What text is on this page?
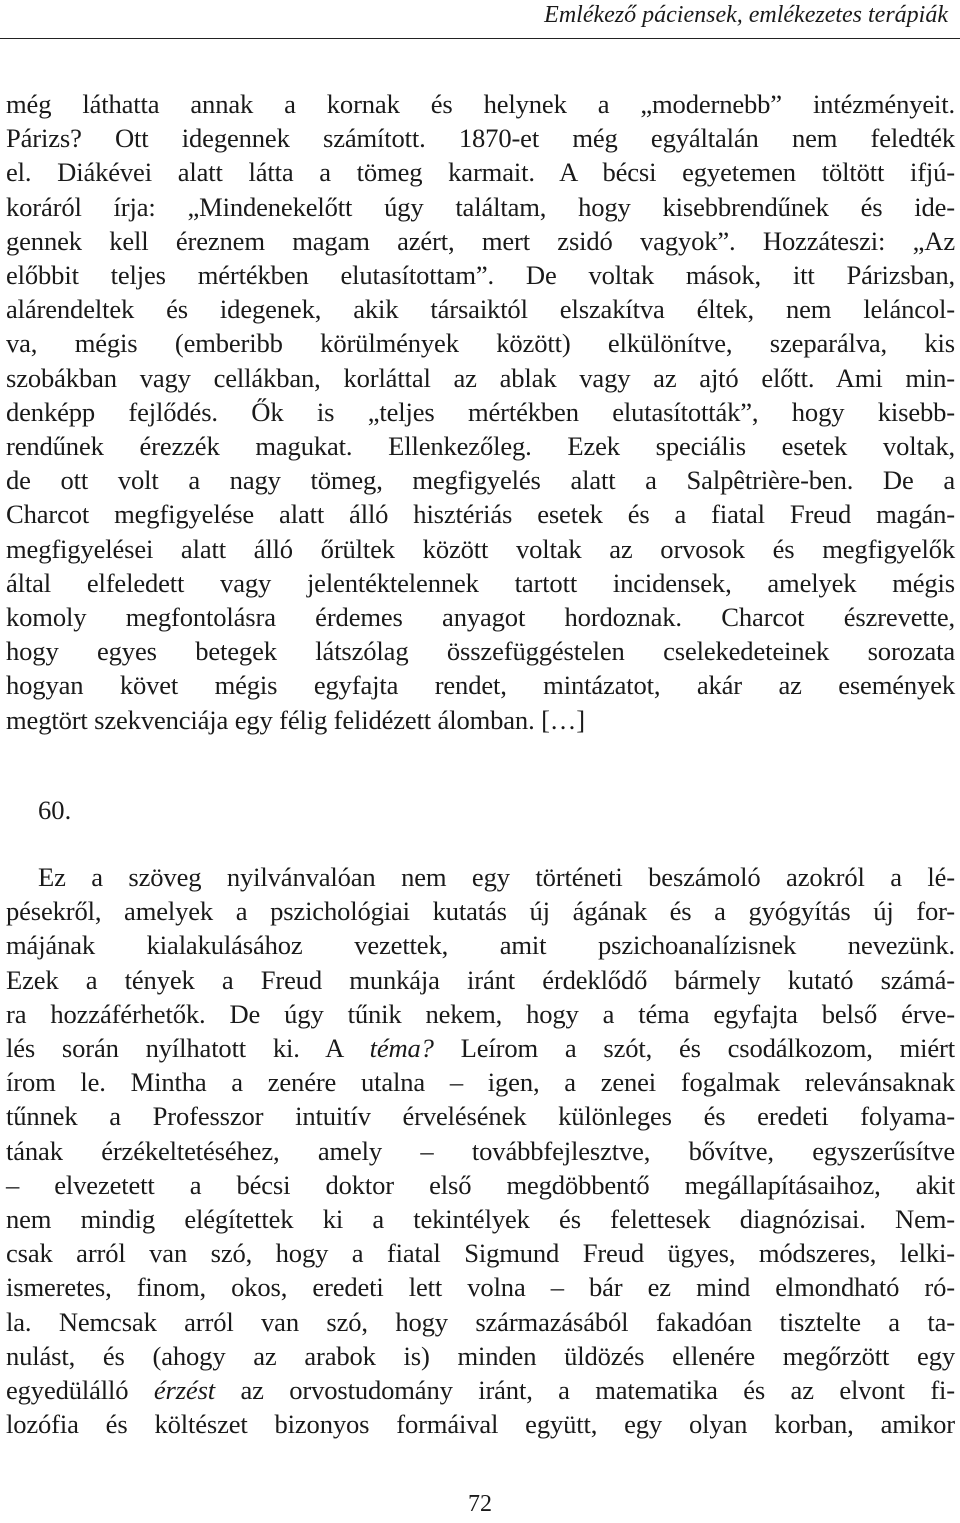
Emlékező páciensek, emlékezetes terápiák
még láthatta annak a kornak és helynek a „modernebb” intézményeit.
Párizs? Ott idegennek számított. 1870-et még egyáltalán nem feledték
el. Diákévei alatt látta a tömeg karmait. A bécsi egyetemen töltött ifjú-
koráról írja: „Mindenekelőtt úgy találtam, hogy kisebbrendűnek és ide-
gennek kell éreznem magam azért, mert zsidó vagyok”. Hozzáteszi: „Az
előbbit teljes mértékben elutasítottam”. De voltak mások, itt Párizsban,
alárendeltek és idegenek, akik társaiktól elszakítva éltek, nem leláncol-
va, mégis (emberibb körülmények között) elkülönítve, szeparálva, kis
szobákban vagy cellákban, korláttal az ablak vagy az ajtó előtt. Ami min-
denképp fejlődés. Ők is „teljes mértékben elutasították”, hogy kisebb-
rendűnek érezzék magukat. Ellenkezőleg. Ezek speciális esetek voltak,
de ott volt a nagy tömeg, megfigyelés alatt a Salpêtrière-ben. De a
Charcot megfigyelése alatt álló hisztériás esetek és a fiatal Freud magán-
megfigyelései alatt álló őrültek között voltak az orvosok és megfigyelők
által elfeledett vagy jelentéktelennek tartott incidensek, amelyek mégis
komoly megfontolásra érdemes anyagot hordoznak. Charcot észrevette,
hogy egyes betegek látszólag összefüggéstelen cselekedeteinek sorozata
hogyan követ mégis egyfajta rendet, mintázatot, akár az események
megtört szekvenciája egy félig felidézett álomban. […]
60.
Ez a szöveg nyilvánvalóan nem egy történeti beszámoló azokról a lé-
pésekről, amelyek a pszichológiai kutatás új ágának és a gyógyítás új for-
májának kialakulásához vezettek, amit pszichoanalízisnek nevezünk.
Ezek a tények a Freud munkája iránt érdeklődő bármely kutató számá-
ra hozzáférhetők. De úgy tűnik nekem, hogy a téma egyfajta belső érve-
lés során nyílhatott ki. A téma? Leírom a szót, és csodálkozom, miért
írom le. Mintha a zenére utalna – igen, a zenei fogalmak relevánsaknak
tűnnek a Professzor intuitív érvelésének különleges és eredeti folyama-
tának érzékeltetéséhez, amely – továbbfejlesztve, bővítve, egyszerűsítve
– elvezetett a bécsi doktor első megdöbbentő megállapításaihoz, akit
nem mindig elégítettek ki a tekintélyek és felettesek diagnózisai. Nem-
csak arról van szó, hogy a fiatal Sigmund Freud ügyes, módszeres, lelki-
ismeretes, finom, okos, eredeti lett volna – bár ez mind elmondható ró-
la. Nemcsak arról van szó, hogy származásából fakadóan tisztelte a ta-
nulást, és (ahogy az arabok is) minden üldözés ellenére megőrzött egy
egyedülálló érzést az orvostudomány iránt, a matematika és az elvont fi-
lozófia és költészet bizonyos formáival együtt, egy olyan korban, amikor
72
